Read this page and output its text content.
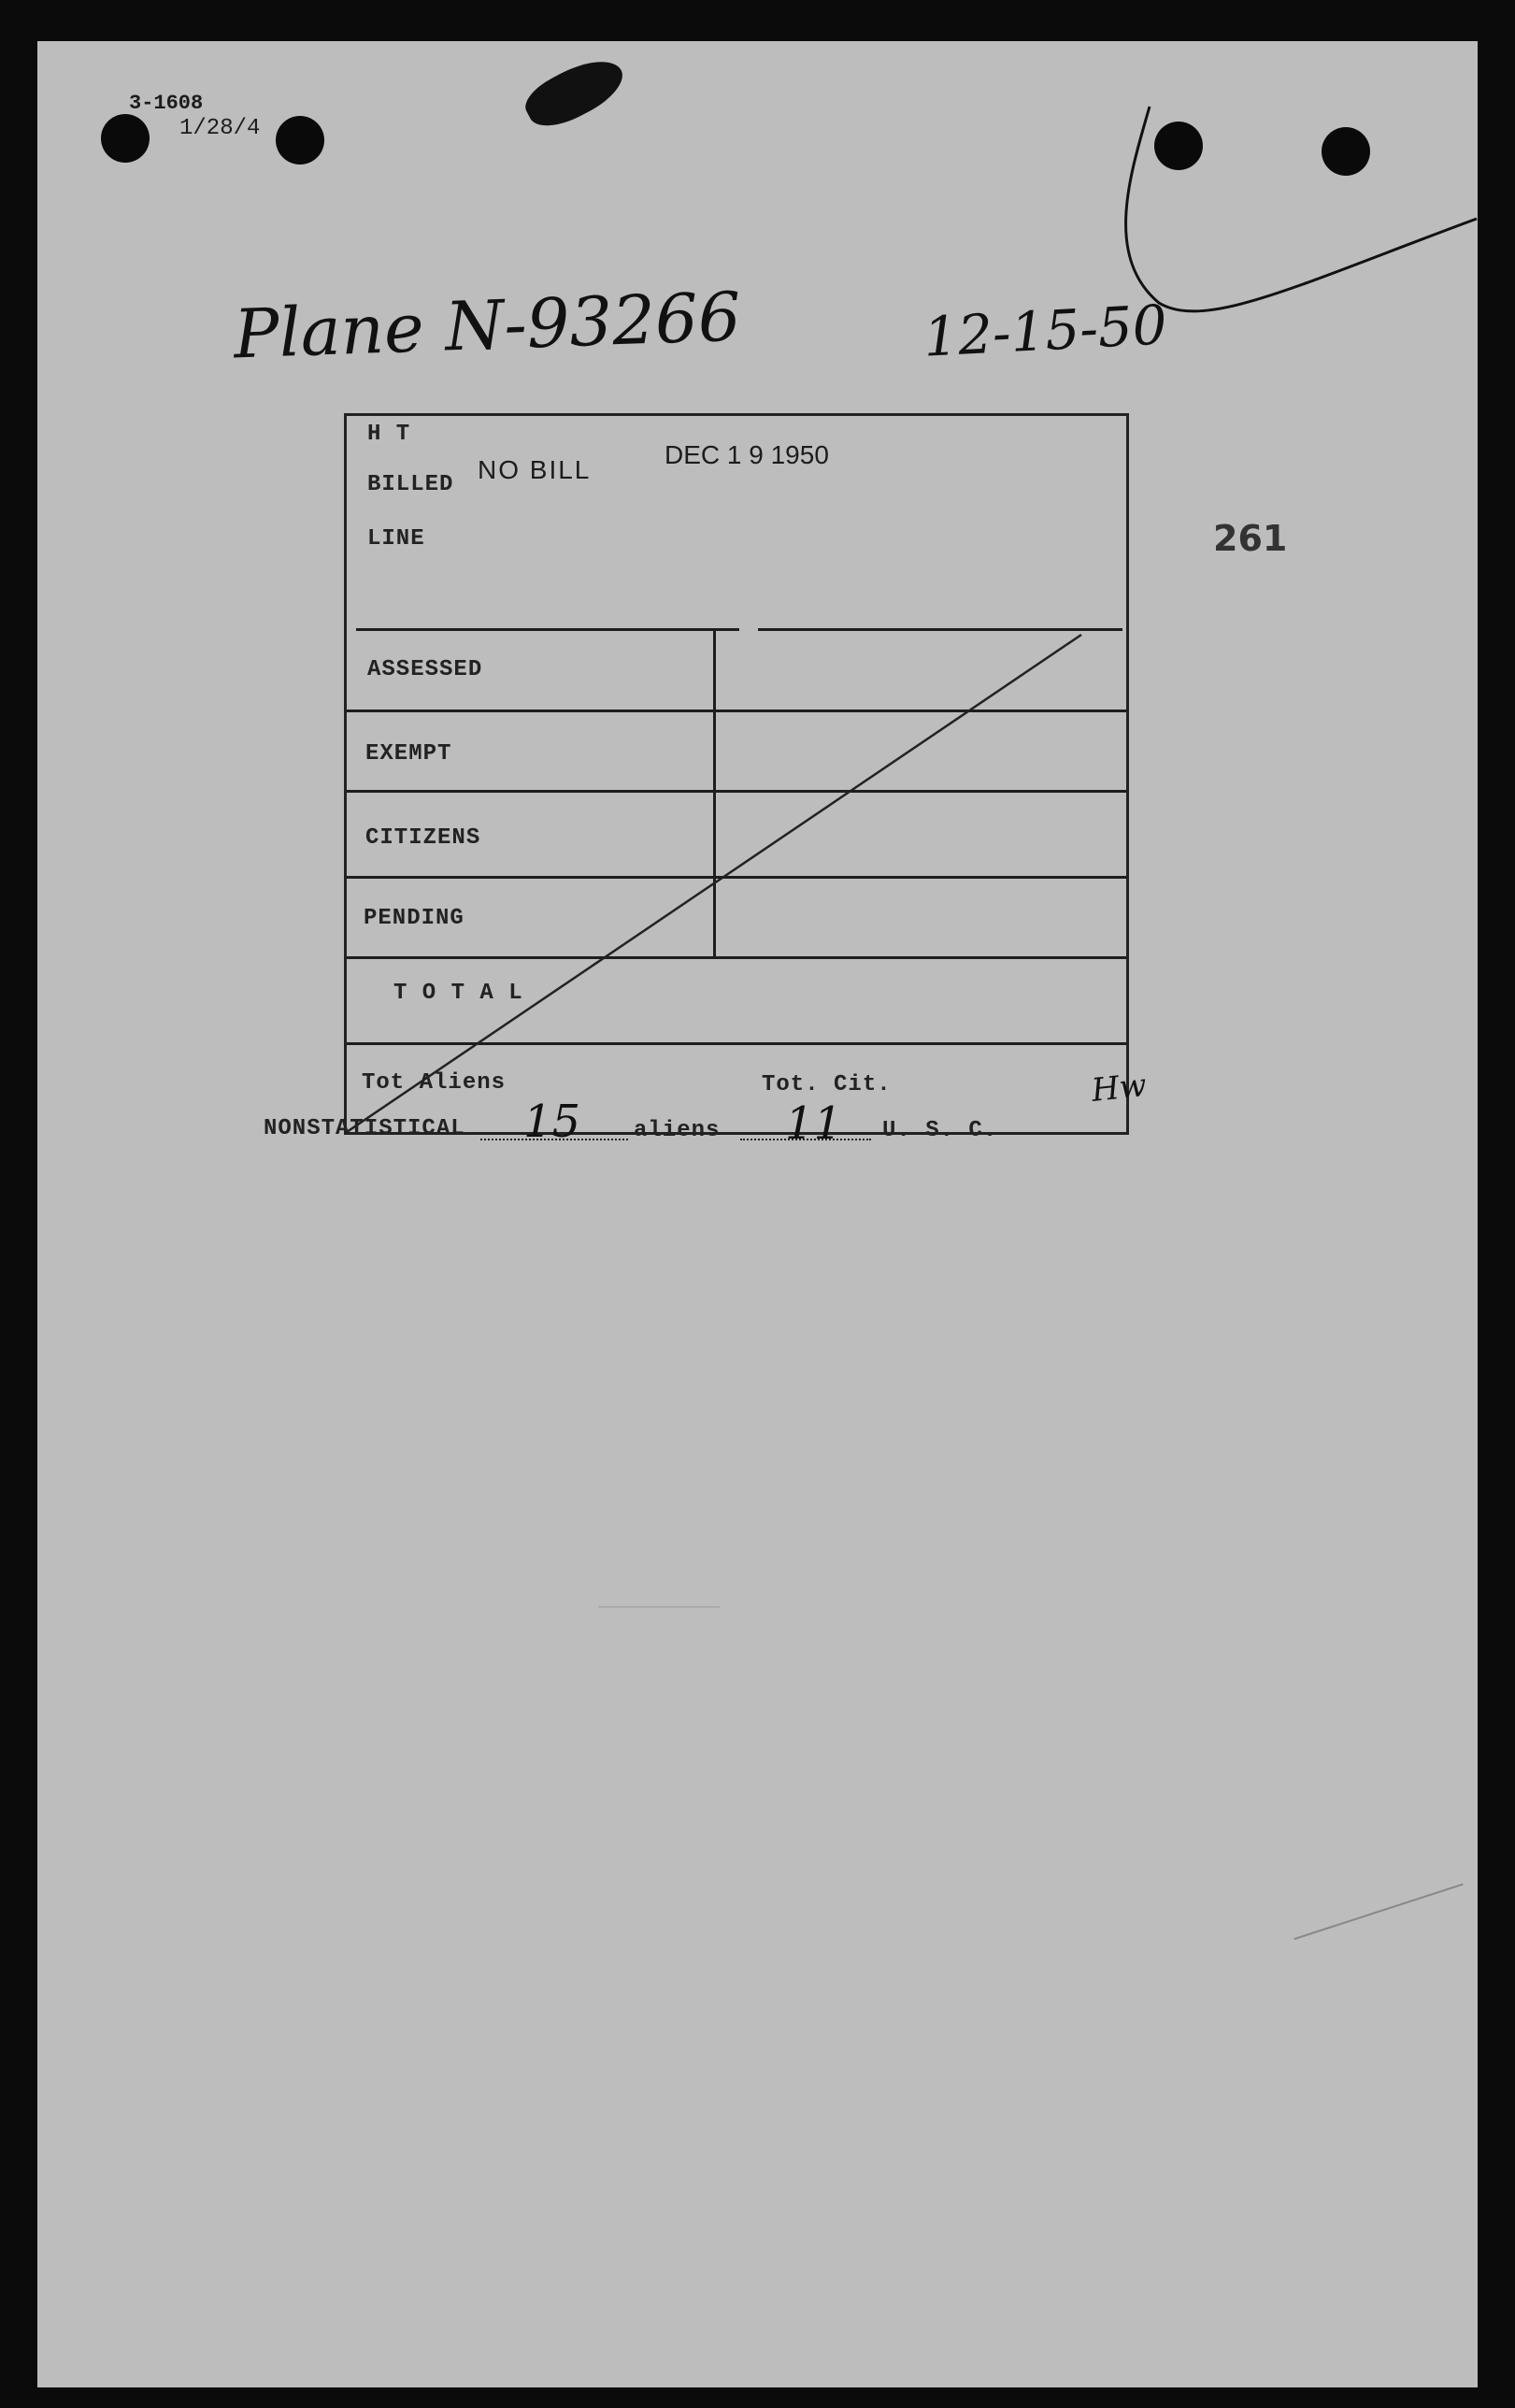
3-1608
1/28/4
Plane N-93266	12-15-50
261
H T
BILLED
NO BILL
DEC 1 9 1950
LINE
ASSESSED
EXEMPT
CITIZENS
PENDING
T O T A L
Tot Aliens	Tot. Cit.	Hw
NONSTATISTICAL 15 aliens 11 U. S. C.
